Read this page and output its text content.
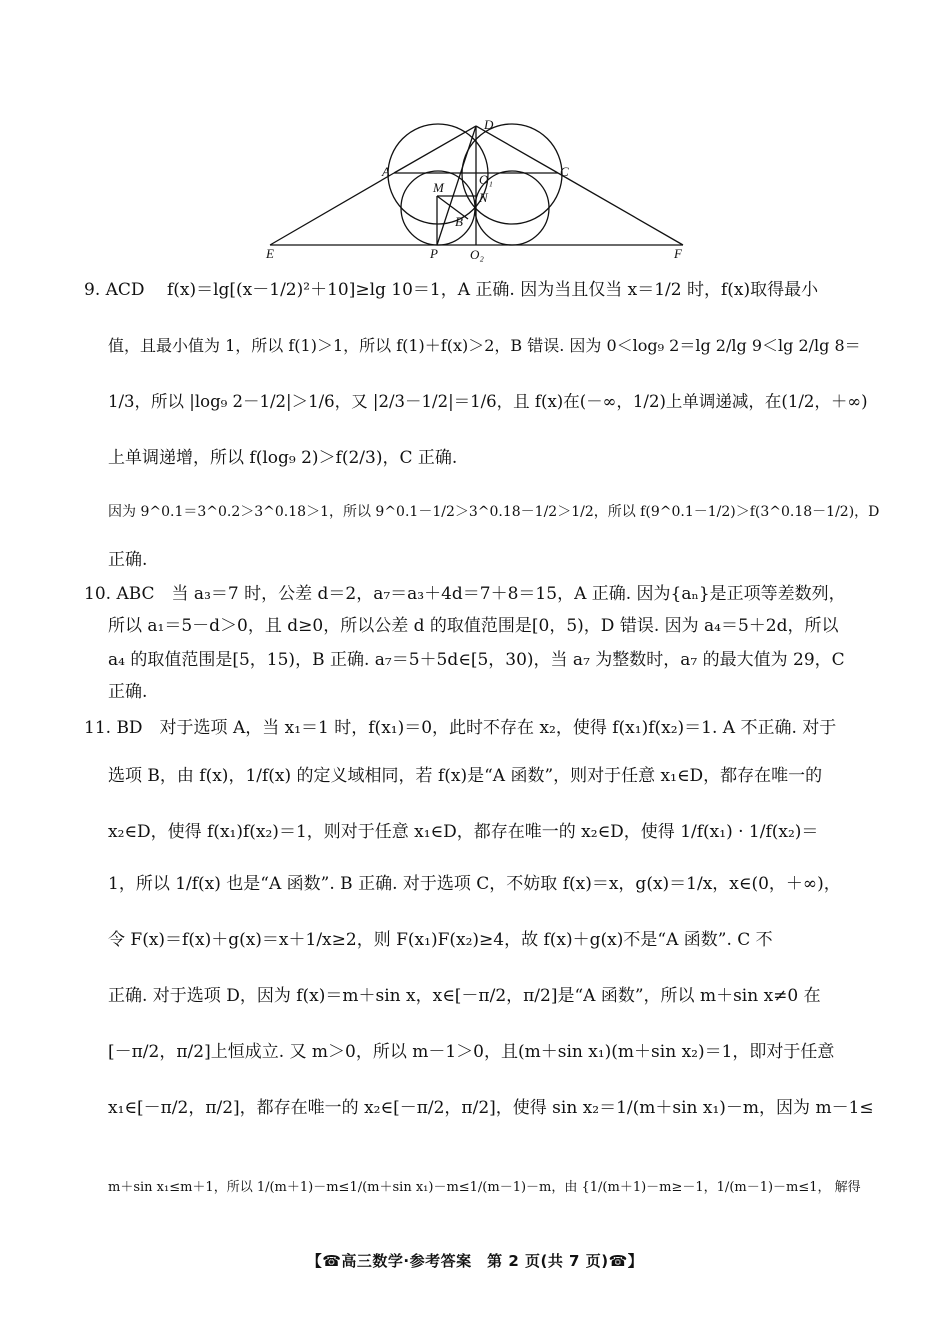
A	C
D
E	F
M
N
B
P
O₁
O₂
9. ACD　 f(x)＝lg[(x－1/2)²＋10]≥lg 10＝1，A 正确. 因为当且仅当 x＝1/2 时，f(x)取得最小
值，且最小值为 1，所以 f(1)＞1，所以 f(1)＋f(x)＞2，B 错误. 因为 0＜log₉ 2＝lg 2/lg 9＜lg 2/lg 8＝
1/3，所以 |log₉ 2－1/2|＞1/6，又 |2/3－1/2|＝1/6，且 f(x)在(－∞，1/2)上单调递减，在(1/2，＋∞)
上单调递增，所以 f(log₉ 2)＞f(2/3)，C 正确.
因为 9^0.1＝3^0.2＞3^0.18＞1，所以 9^0.1－1/2＞3^0.18－1/2＞1/2，所以 f(9^0.1－1/2)＞f(3^0.18－1/2)，D
正确.
10. ABC　当 a₃＝7 时，公差 d＝2，a₇＝a₃＋4d＝7＋8＝15，A 正确. 因为{aₙ}是正项等差数列，
所以 a₁＝5－d＞0，且 d≥0，所以公差 d 的取值范围是[0，5)，D 错误. 因为 a₄＝5＋2d，所以
a₄ 的取值范围是[5，15)，B 正确. a₇＝5＋5d∈[5，30)，当 a₇ 为整数时，a₇ 的最大值为 29，C
正确.
11. BD　对于选项 A，当 x₁＝1 时，f(x₁)＝0，此时不存在 x₂，使得 f(x₁)f(x₂)＝1. A 不正确. 对于
选项 B，由 f(x)，1/f(x) 的定义域相同，若 f(x)是“A 函数”，则对于任意 x₁∈D，都存在唯一的
x₂∈D，使得 f(x₁)f(x₂)＝1，则对于任意 x₁∈D，都存在唯一的 x₂∈D，使得 1/f(x₁) · 1/f(x₂)＝
1，所以 1/f(x) 也是“A 函数”. B 正确. 对于选项 C，不妨取 f(x)＝x，g(x)＝1/x，x∈(0，＋∞)，
令 F(x)＝f(x)＋g(x)＝x＋1/x≥2，则 F(x₁)F(x₂)≥4，故 f(x)＋g(x)不是“A 函数”. C 不
正确. 对于选项 D，因为 f(x)＝m＋sin x，x∈[－π/2，π/2]是“A 函数”，所以 m＋sin x≠0 在
[－π/2，π/2]上恒成立. 又 m＞0，所以 m－1＞0，且(m＋sin x₁)(m＋sin x₂)＝1，即对于任意
x₁∈[－π/2，π/2]，都存在唯一的 x₂∈[－π/2，π/2]，使得 sin x₂＝1/(m＋sin x₁)－m，因为 m－1≤
m＋sin x₁≤m＋1，所以 1/(m＋1)－m≤1/(m＋sin x₁)－m≤1/(m－1)－m，由 {1/(m＋1)－m≥－1，1/(m－1)－m≤1， 解得
【☎高三数学·参考答案　第 2 页(共 7 页)☎】
